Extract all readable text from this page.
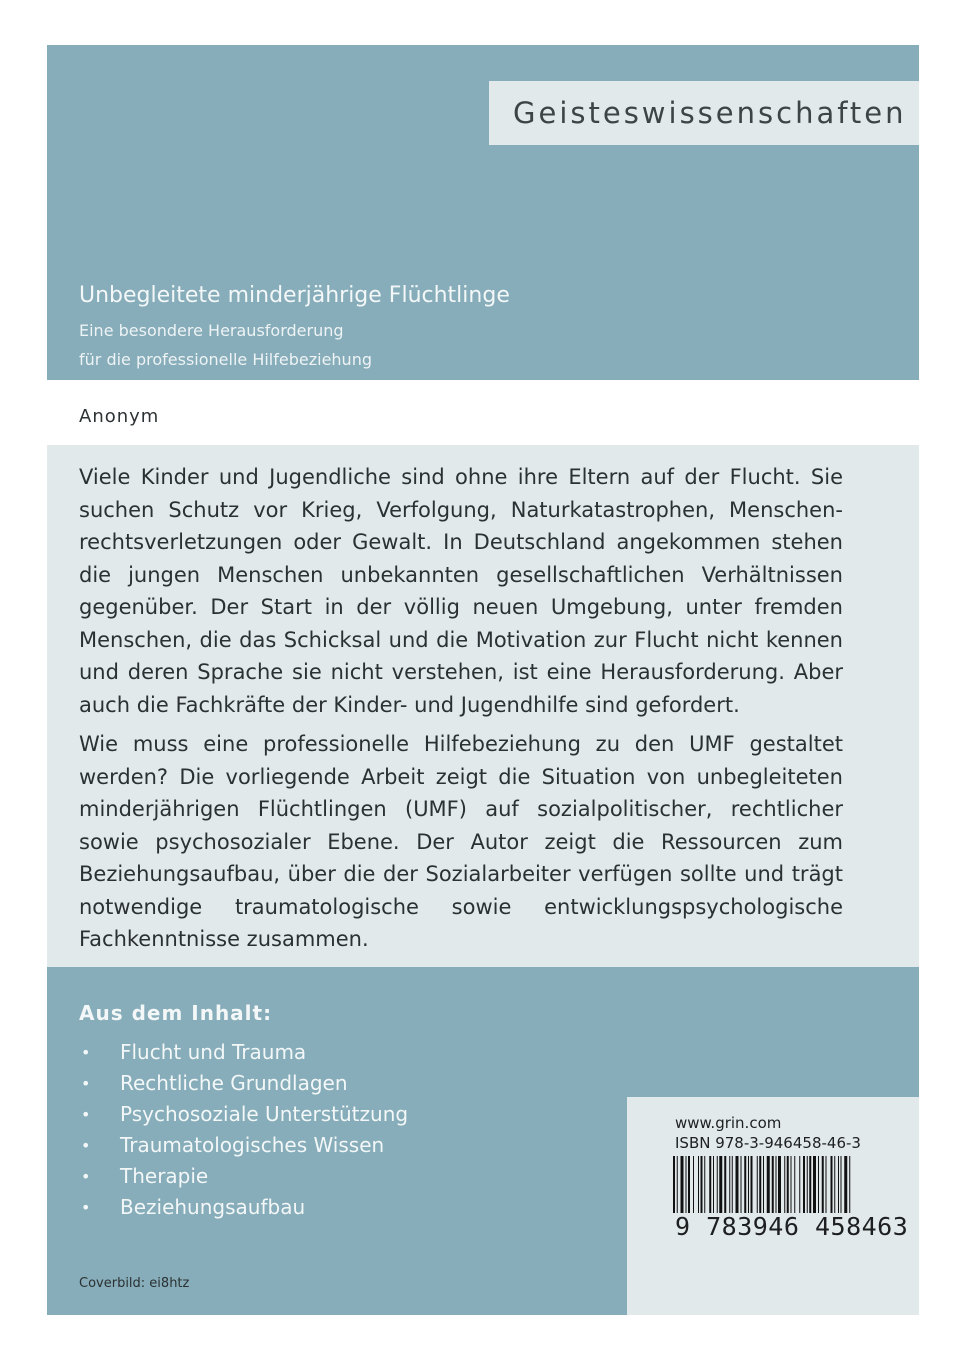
Geisteswissenschaften
Unbegleitete minderjährige Flüchtlinge
Eine besondere Herausforderung
für die professionelle Hilfebeziehung
Anonym

Viele Kinder und Jugendliche sind ohne ihre Eltern auf der Flucht. Sie suchen Schutz vor Krieg, Verfolgung, Naturkatastrophen, Menschen-rechtsverletzungen oder Gewalt. In Deutschland angekommen stehen die jungen Menschen unbekannten gesellschaftlichen Verhältnissen gegenüber. Der Start in der völlig neuen Umgebung, unter fremden Menschen, die das Schicksal und die Motivation zur Flucht nicht kennen und deren Sprache sie nicht verstehen, ist eine Herausforderung. Aber auch die Fachkräfte der Kinder- und Jugendhilfe sind gefordert.

Wie muss eine professionelle Hilfebeziehung zu den UMF gestaltet werden? Die vorliegende Arbeit zeigt die Situation von unbegleiteten minderjährigen Flüchtlingen (UMF) auf sozialpolitischer, rechtlicher sowie psychosozialer Ebene. Der Autor zeigt die Ressourcen zum Beziehungsaufbau, über die der Sozialarbeiter verfügen sollte und trägt notwendige traumatologische sowie entwicklungspsychologische Fachkenntnisse zusammen.

Aus dem Inhalt:
• Flucht und Trauma
• Rechtliche Grundlagen
• Psychosoziale Unterstützung
• Traumatologisches Wissen
• Therapie
• Beziehungsaufbau
Coverbild: ei8htz
www.grin.com
ISBN 978-3-946458-46-3
9 783946 458463
